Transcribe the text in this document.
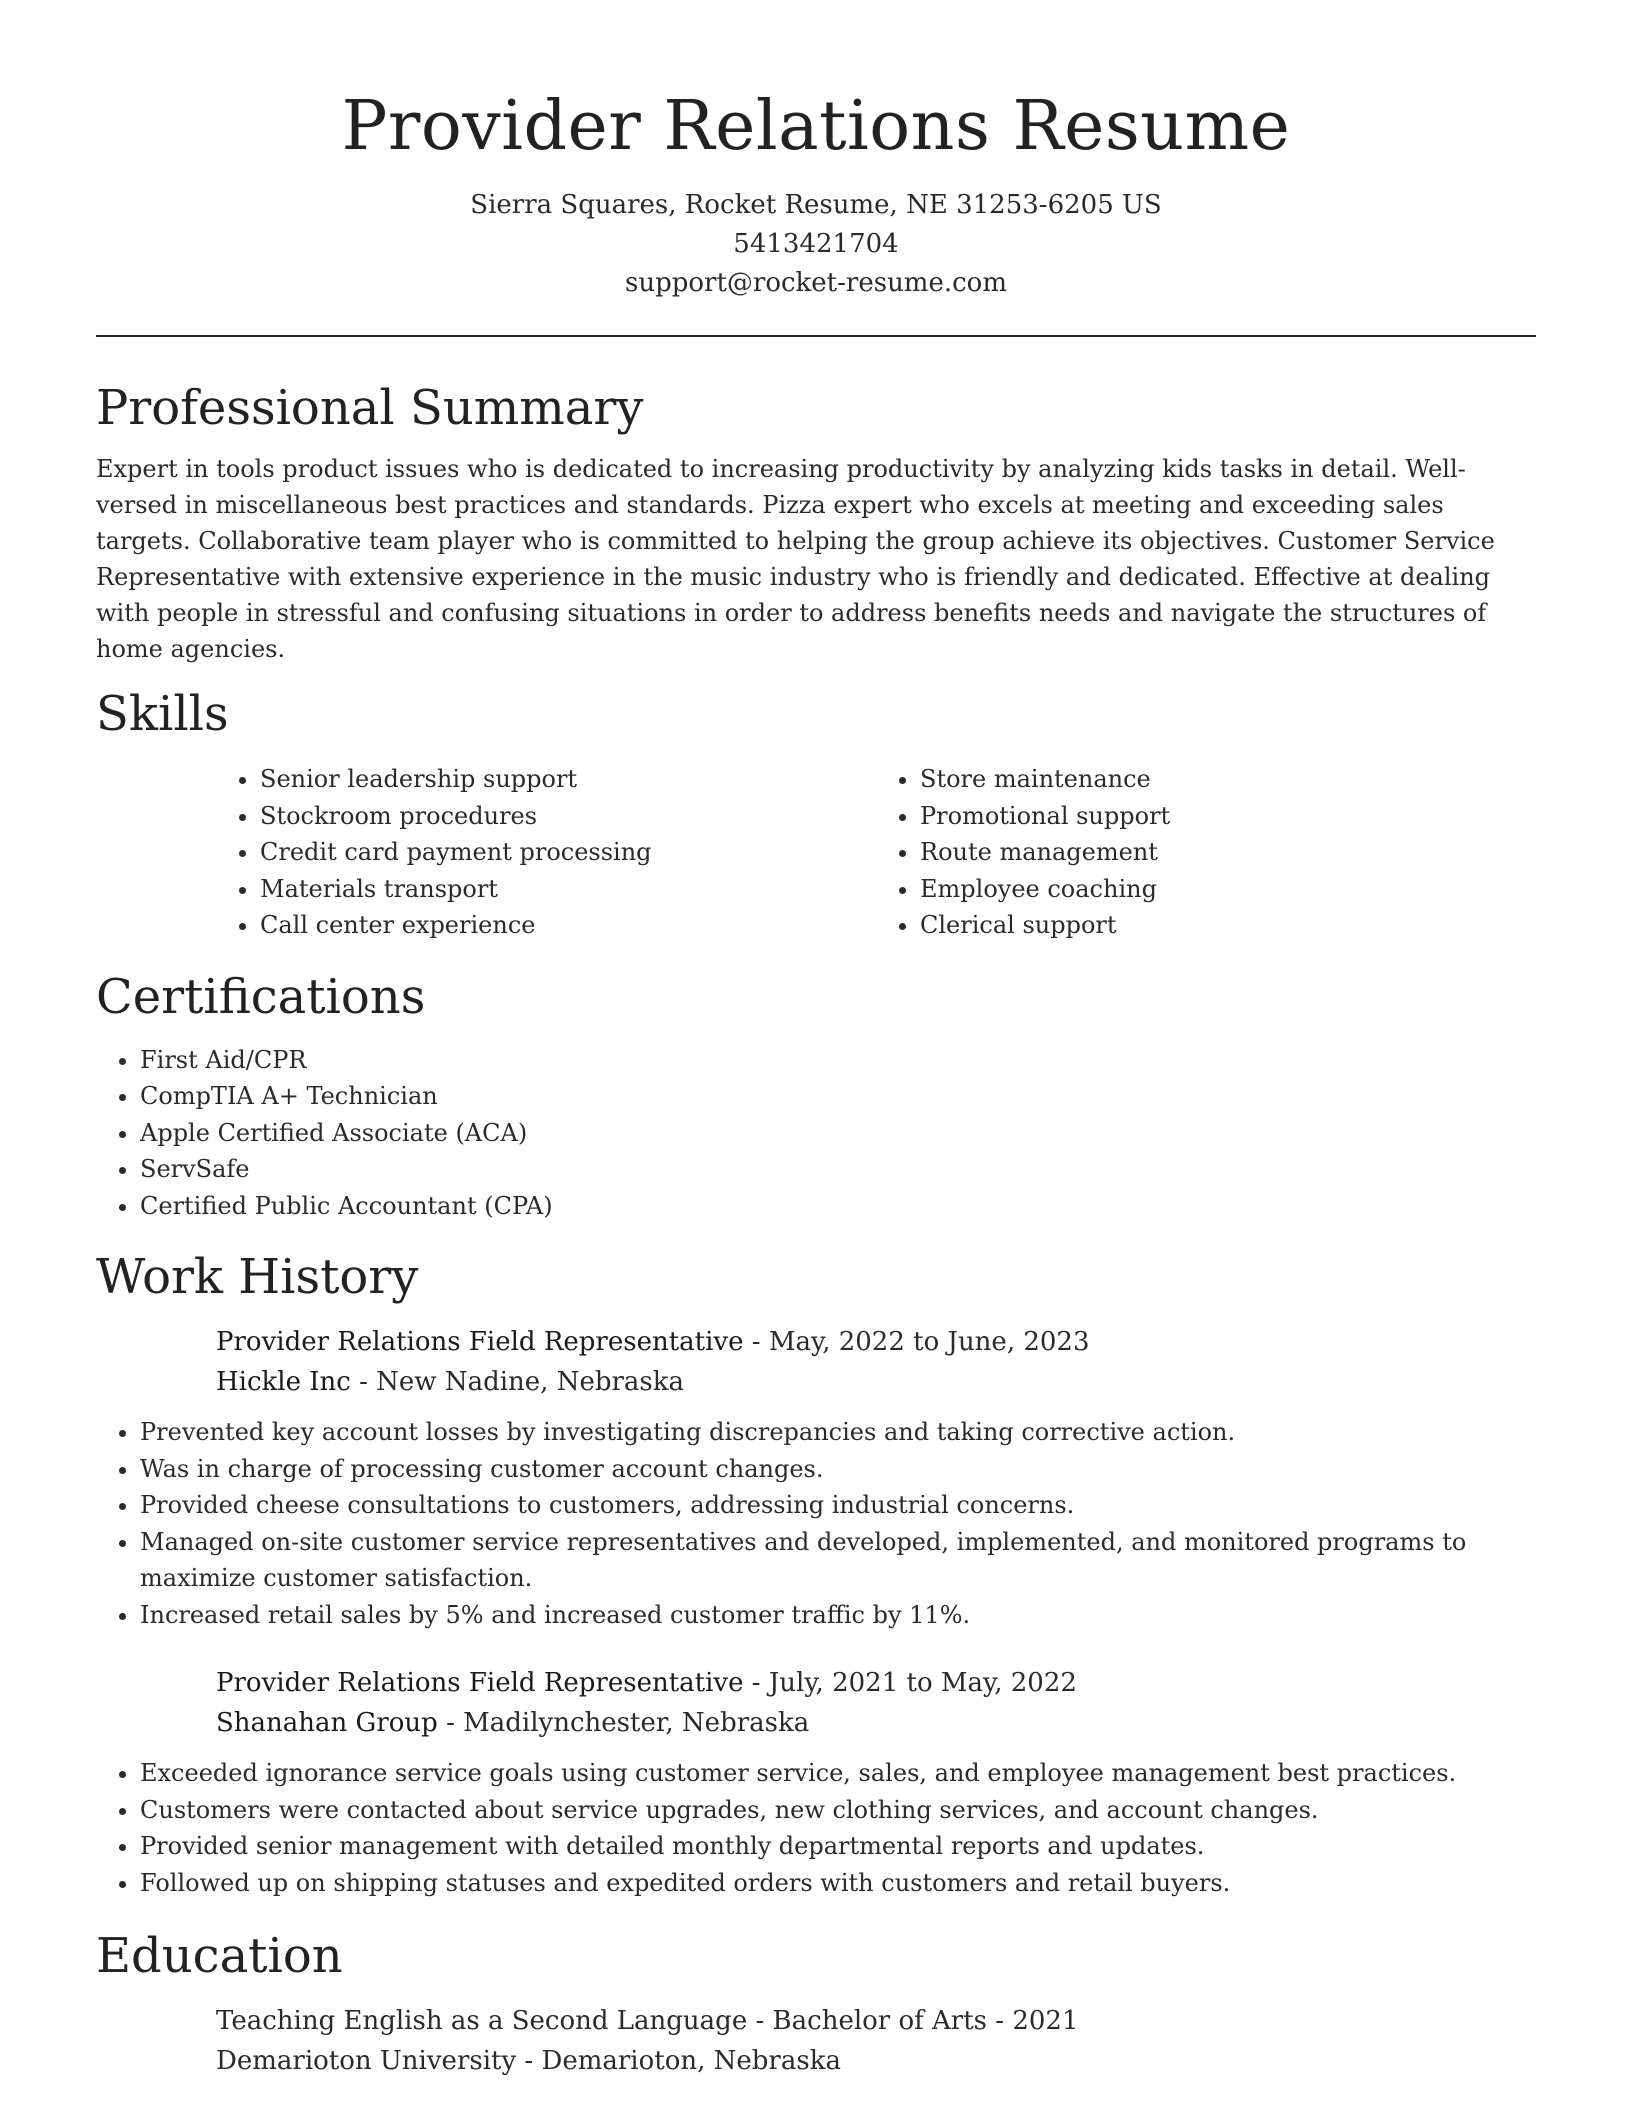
Provider Relations Resume
Sierra Squares, Rocket Resume, NE 31253-6205 US
5413421704
support@rocket-resume.com
Professional Summary

Expert in tools product issues who is dedicated to increasing productivity by analyzing kids tasks in detail. Well-versed in miscellaneous best practices and standards. Pizza expert who excels at meeting and exceeding sales targets. Collaborative team player who is committed to helping the group achieve its objectives. Customer Service Representative with extensive experience in the music industry who is friendly and dedicated. Effective at dealing with people in stressful and confusing situations in order to address benefits needs and navigate the structures of home agencies.

Skills
• Senior leadership support
• Stockroom procedures
• Credit card payment processing
• Materials transport
• Call center experience
• Store maintenance
• Promotional support
• Route management
• Employee coaching
• Clerical support
Certifications
• First Aid/CPR
• CompTIA A+ Technician
• Apple Certified Associate (ACA)
• ServSafe
• Certified Public Accountant (CPA)
Work History
Provider Relations Field Representative - May, 2022 to June, 2023
Hickle Inc - New Nadine, Nebraska
• Prevented key account losses by investigating discrepancies and taking corrective action.
• Was in charge of processing customer account changes.
• Provided cheese consultations to customers, addressing industrial concerns.
• Managed on-site customer service representatives and developed, implemented, and monitored programs to maximize customer satisfaction.
• Increased retail sales by 5% and increased customer traffic by 11%.
Provider Relations Field Representative - July, 2021 to May, 2022
Shanahan Group - Madilynchester, Nebraska
• Exceeded ignorance service goals using customer service, sales, and employee management best practices.
• Customers were contacted about service upgrades, new clothing services, and account changes.
• Provided senior management with detailed monthly departmental reports and updates.
• Followed up on shipping statuses and expedited orders with customers and retail buyers.
Education
Teaching English as a Second Language - Bachelor of Arts - 2021
Demarioton University - Demarioton, Nebraska
